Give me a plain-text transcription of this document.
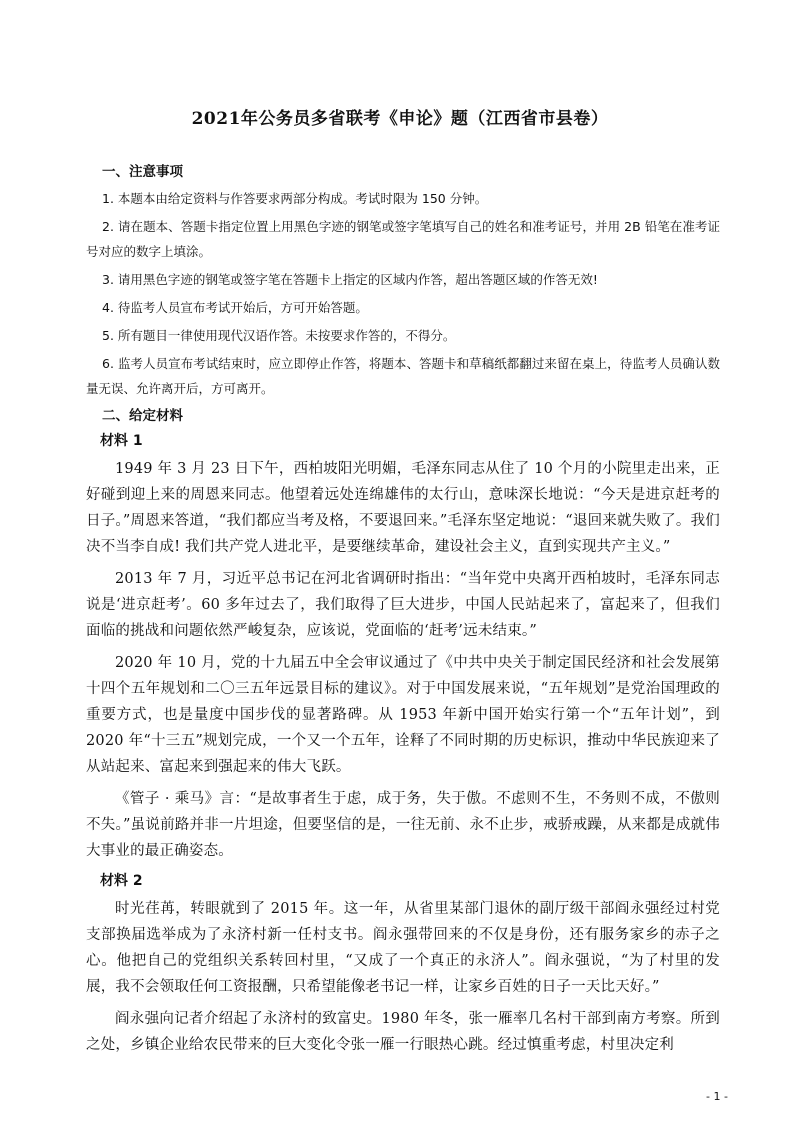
2021年公务员多省联考《申论》题（江西省市县卷）
一、注意事项

1. 本题本由给定资料与作答要求两部分构成。考试时限为 150 分钟。

2. 请在题本、答题卡指定位置上用黑色字迹的钢笔或签字笔填写自己的姓名和准考证号，并用 2B 铅笔在准考证号对应的数字上填涂。

3. 请用黑色字迹的钢笔或签字笔在答题卡上指定的区域内作答，超出答题区域的作答无效!

4. 待监考人员宣布考试开始后，方可开始答题。

5. 所有题目一律使用现代汉语作答。未按要求作答的，不得分。

6. 监考人员宣布考试结束时，应立即停止作答，将题本、答题卡和草稿纸都翻过来留在桌上，待监考人员确认数量无误、允许离开后，方可离开。

二、给定材料
材料 1

1949 年 3 月 23 日下午，西柏坡阳光明媚，毛泽东同志从住了 10 个月的小院里走出来，正好碰到迎上来的周恩来同志。他望着远处连绵雄伟的太行山，意味深长地说：“今天是进京赶考的日子。”周恩来答道，“我们都应当考及格，不要退回来。”毛泽东坚定地说：“退回来就失败了。我们决不当李自成! 我们共产党人进北平，是要继续革命，建设社会主义，直到实现共产主义。”

2013 年 7 月，习近平总书记在河北省调研时指出：“当年党中央离开西柏坡时，毛泽东同志说是‘进京赶考’。60 多年过去了，我们取得了巨大进步，中国人民站起来了，富起来了，但我们面临的挑战和问题依然严峻复杂，应该说，党面临的‘赶考’远未结束。”

2020 年 10 月，党的十九届五中全会审议通过了《中共中央关于制定国民经济和社会发展第十四个五年规划和二〇三五年远景目标的建议》。对于中国发展来说，“五年规划”是党治国理政的重要方式，也是量度中国步伐的显著路碑。从 1953 年新中国开始实行第一个“五年计划”，到 2020 年“十三五”规划完成，一个又一个五年，诠释了不同时期的历史标识，推动中华民族迎来了从站起来、富起来到强起来的伟大飞跃。

《管子 · 乘马》言：“是故事者生于虑，成于务，失于傲。不虑则不生，不务则不成，不傲则不失。”虽说前路并非一片坦途，但要坚信的是，一往无前、永不止步，戒骄戒躁，从来都是成就伟大事业的最正确姿态。

材料 2

时光荏苒，转眼就到了 2015 年。这一年，从省里某部门退休的副厅级干部阎永强经过村党支部换届选举成为了永济村新一任村支书。阎永强带回来的不仅是身份，还有服务家乡的赤子之心。他把自己的党组织关系转回村里，“又成了一个真正的永济人”。阎永强说，“为了村里的发展，我不会领取任何工资报酬，只希望能像老书记一样，让家乡百姓的日子一天比天好。”

阎永强向记者介绍起了永济村的致富史。1980 年冬，张一雁率几名村干部到南方考察。所到之处，乡镇企业给农民带来的巨大变化令张一雁一行眼热心跳。经过慎重考虑，村里决定利

- 1 -
